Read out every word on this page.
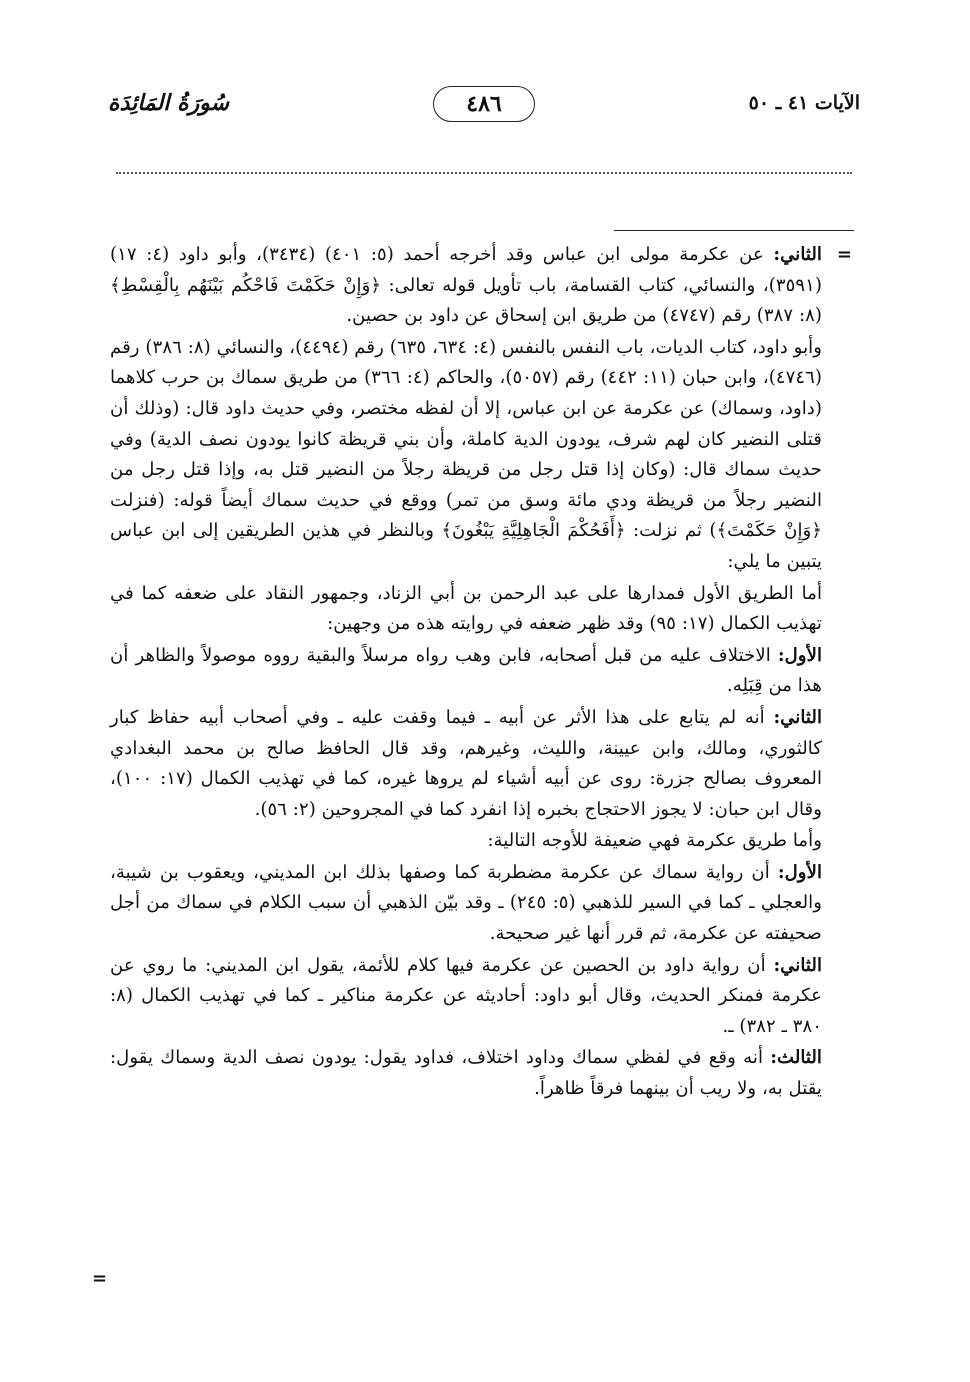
الآيات ٤١ ـ ٥٠
٤٨٦
سُورَةُ المَائِدَة
=
=

الثاني: عن عكرمة مولى ابن عباس وقد أخرجه أحمد (٥: ٤٠١) (٣٤٣٤)، وأبو داود (٤: ١٧) (٣٥٩١)، والنسائي، كتاب القسامة، باب تأويل قوله تعالى: ﴿وَإِنْ حَكَمْتَ فَاحْكُم بَيْنَهُم بِالْقِسْطِ﴾ (٨: ٣٨٧) رقم (٤٧٤٧) من طريق ابن إسحاق عن داود بن حصين.

وأبو داود، كتاب الديات، باب النفس بالنفس (٤: ٦٣٤، ٦٣٥) رقم (٤٤٩٤)، والنسائي (٨: ٣٨٦) رقم (٤٧٤٦)، وابن حبان (١١: ٤٤٢) رقم (٥٠٥٧)، والحاكم (٤: ٣٦٦) من طريق سماك بن حرب كلاهما (داود، وسماك) عن عكرمة عن ابن عباس، إلا أن لفظه مختصر، وفي حديث داود قال: (وذلك أن قتلى النضير كان لهم شرف، يودون الدية كاملة، وأن بني قريظة كانوا يودون نصف الدية) وفي حديث سماك قال: (وكان إذا قتل رجل من قريظة رجلاً من النضير قتل به، وإذا قتل رجل من النضير رجلاً من قريظة ودي مائة وسق من تمر) ووقع في حديث سماك أيضاً قوله: (فنزلت ﴿وَإِنْ حَكَمْتَ﴾) ثم نزلت: ﴿أَفَحُكْمَ الْجَاهِلِيَّةِ يَبْغُونَ﴾ وبالنظر في هذين الطريقين إلى ابن عباس يتبين ما يلي:

أما الطريق الأول فمدارها على عبد الرحمن بن أبي الزناد، وجمهور النقاد على ضعفه كما في تهذيب الكمال (١٧: ٩٥) وقد ظهر ضعفه في روايته هذه من وجهين:

الأول: الاختلاف عليه من قبل أصحابه، فابن وهب رواه مرسلاً والبقية رووه موصولاً والظاهر أن هذا من قِبَلِه.

الثاني: أنه لم يتابع على هذا الأثر عن أبيه ـ فيما وقفت عليه ـ وفي أصحاب أبيه حفاظ كبار كالثوري، ومالك، وابن عيينة، والليث، وغيرهم، وقد قال الحافظ صالح بن محمد البغدادي المعروف بصالح جزرة: روى عن أبيه أشياء لم يروها غيره، كما في تهذيب الكمال (١٧: ١٠٠)، وقال ابن حبان: لا يجوز الاحتجاج بخبره إذا انفرد كما في المجروحين (٢: ٥٦).

وأما طريق عكرمة فهي ضعيفة للأوجه التالية:

الأول: أن رواية سماك عن عكرمة مضطربة كما وصفها بذلك ابن المديني، ويعقوب بن شيبة، والعجلي ـ كما في السير للذهبي (٥: ٢٤٥) ـ وقد بيّن الذهبي أن سبب الكلام في سماك من أجل صحيفته عن عكرمة، ثم قرر أنها غير صحيحة.

الثاني: أن رواية داود بن الحصين عن عكرمة فيها كلام للأئمة، يقول ابن المديني: ما روي عن عكرمة فمنكر الحديث، وقال أبو داود: أحاديثه عن عكرمة مناكير ـ كما في تهذيب الكمال (٨: ٣٨٠ ـ ٣٨٢) ـ.

الثالث: أنه وقع في لفظي سماك وداود اختلاف، فداود يقول: يودون نصف الدية وسماك يقول: يقتل به، ولا ريب أن بينهما فرقاً ظاهراً.
